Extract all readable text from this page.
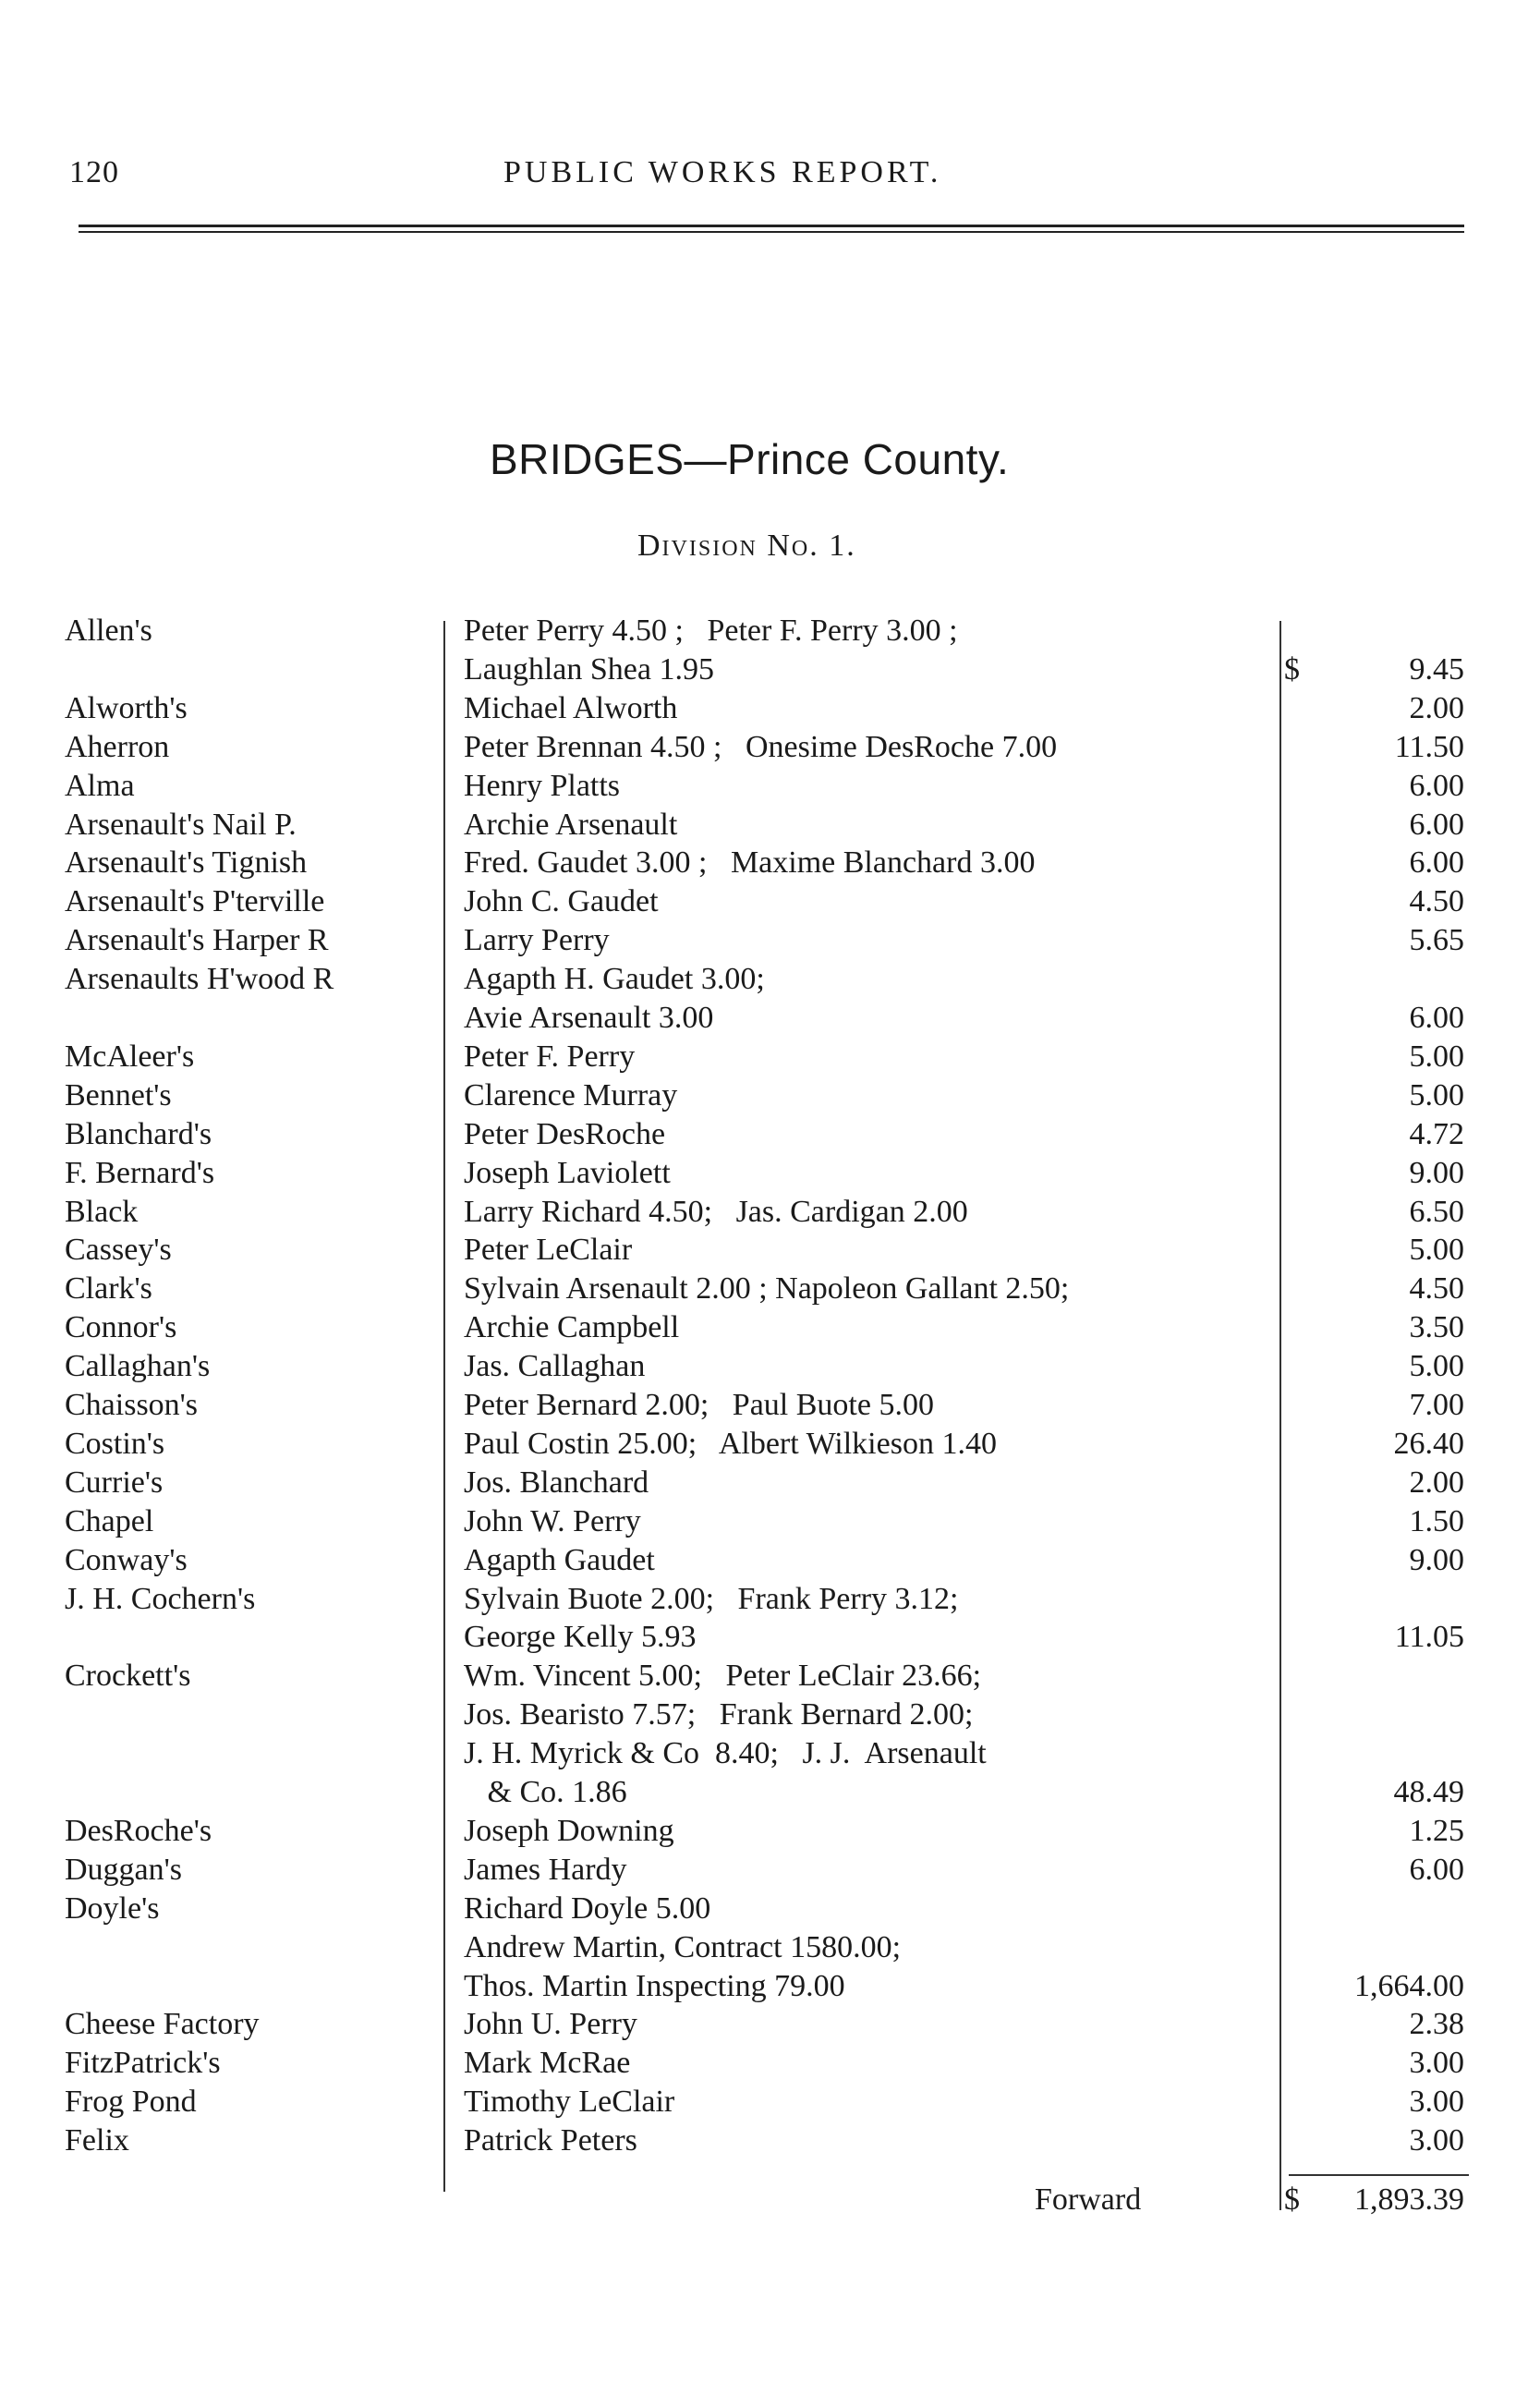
120	PUBLIC WORKS REPORT.
BRIDGES—Prince County.
Division No. 1.
Allen's	Peter Perry 4.50 ;   Peter F. Perry 3.00 ;
Laughlan Shea 1.95	$	9.45
Alworth's	Michael Alworth	2.00
Aherron	Peter Brennan 4.50 ;   Onesime DesRoche 7.00	11.50
Alma	Henry Platts	6.00
Arsenault's Nail P.	Archie Arsenault	6.00
Arsenault's Tignish	Fred. Gaudet 3.00 ;   Maxime Blanchard 3.00	6.00
Arsenault's P'terville	John C. Gaudet	4.50
Arsenault's Harper R	Larry Perry	5.65
Arsenaults H'wood R	Agapth H. Gaudet 3.00;
Avie Arsenault 3.00	6.00
McAleer's	Peter F. Perry	5.00
Bennet's	Clarence Murray	5.00
Blanchard's	Peter DesRoche	4.72
F. Bernard's	Joseph Laviolett	9.00
Black	Larry Richard 4.50;   Jas. Cardigan 2.00	6.50
Cassey's	Peter LeClair	5.00
Clark's	Sylvain Arsenault 2.00 ; Napoleon Gallant 2.50;	4.50
Connor's	Archie Campbell	3.50
Callaghan's	Jas. Callaghan	5.00
Chaisson's	Peter Bernard 2.00;   Paul Buote 5.00	7.00
Costin's	Paul Costin 25.00;   Albert Wilkieson 1.40	26.40
Currie's	Jos. Blanchard	2.00
Chapel	John W. Perry	1.50
Conway's	Agapth Gaudet	9.00
J. H. Cochern's	Sylvain Buote 2.00;   Frank Perry 3.12;
George Kelly 5.93	11.05
Crockett's	Wm. Vincent 5.00;   Peter LeClair 23.66;
Jos. Bearisto 7.57;   Frank Bernard 2.00;
J. H. Myrick & Co  8.40;   J. J.  Arsenault
& Co. 1.86	48.49
DesRoche's	Joseph Downing	1.25
Duggan's	James Hardy	6.00
Doyle's	Richard Doyle 5.00
Andrew Martin, Contract 1580.00;
Thos. Martin Inspecting 79.00	1,664.00
Cheese Factory	John U. Perry	2.38
FitzPatrick's	Mark McRae	3.00
Frog Pond	Timothy LeClair	3.00
Felix	Patrick Peters	3.00
Forward	$	1,893.39
